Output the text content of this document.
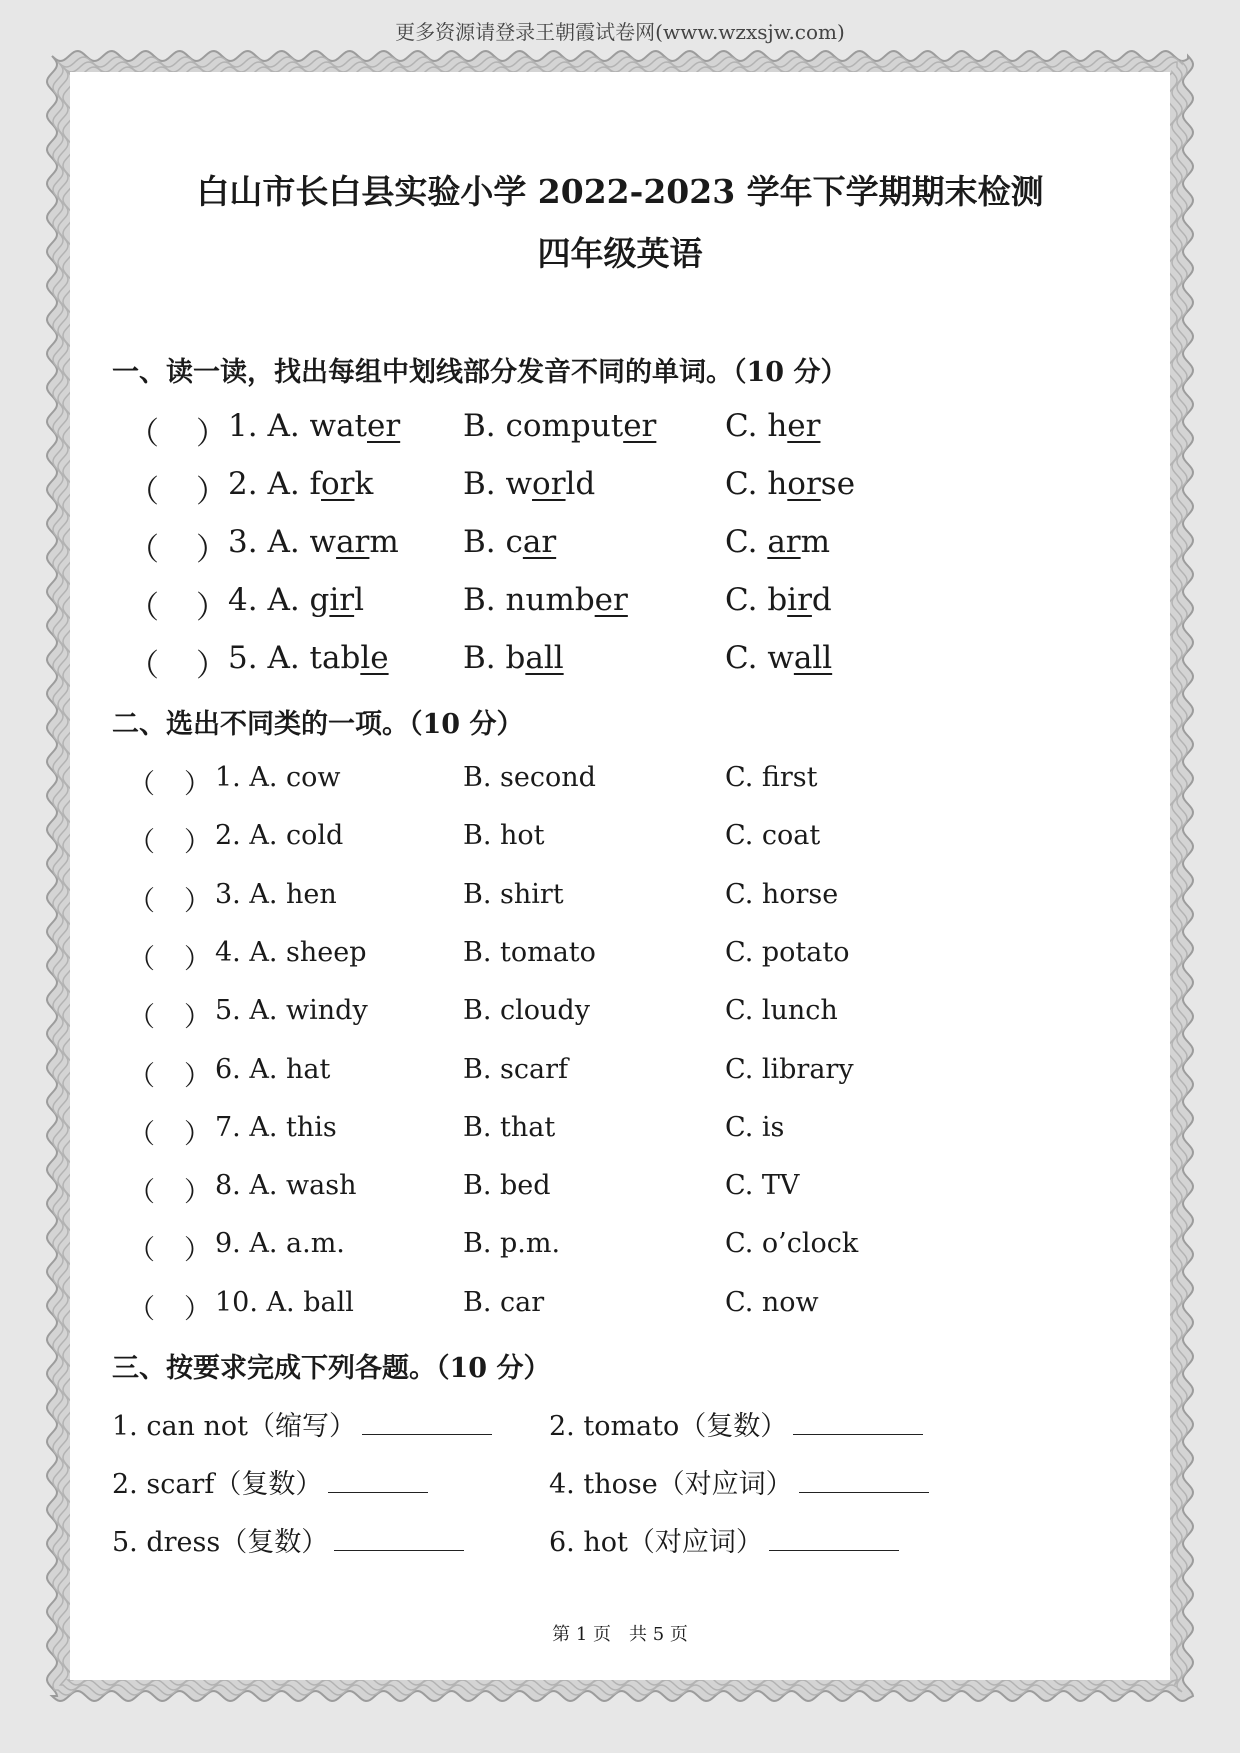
更多资源请登录王朝霞试卷网(www.wzxsjw.com)
白山市长白县实验小学 2022-2023 学年下学期期末检测
四年级英语
一、读一读，找出每组中划线部分发音不同的单词。（10 分）
（ ） 1. A. water B. computer C. her
（ ） 2. A. fork	B. world	C. horse
（ ） 3. A. warm B. car	C. arm
（ ） 4. A. girl	B. number	C. bird
（ ） 5. A. table B. ball	C. wall
二、选出不同类的一项。（10 分）
（ ） 1. A. cow	B. second	C. first
（ ） 2. A. cold	B. hot	C. coat
（ ） 3. A. hen	B. shirt	C. horse
（ ） 4. A. sheep	B. tomato	C. potato
（ ） 5. A. windy	B. cloudy	C. lunch
（ ） 6. A. hat	B. scarf	C. library
（ ） 7. A. this	B. that	C. is
（ ） 8. A. wash	B. bed	C. TV
（ ） 9. A. a.m.	B. p.m.	C. o’clock
（ ） 10. A. ball	B. car	C. now
三、按要求完成下列各题。（10 分）
1. can not（缩写）	2. tomato（复数）
2. scarf（复数）	4. those（对应词）
5. dress（复数）	6. hot（对应词）
第 1 页　共 5 页
